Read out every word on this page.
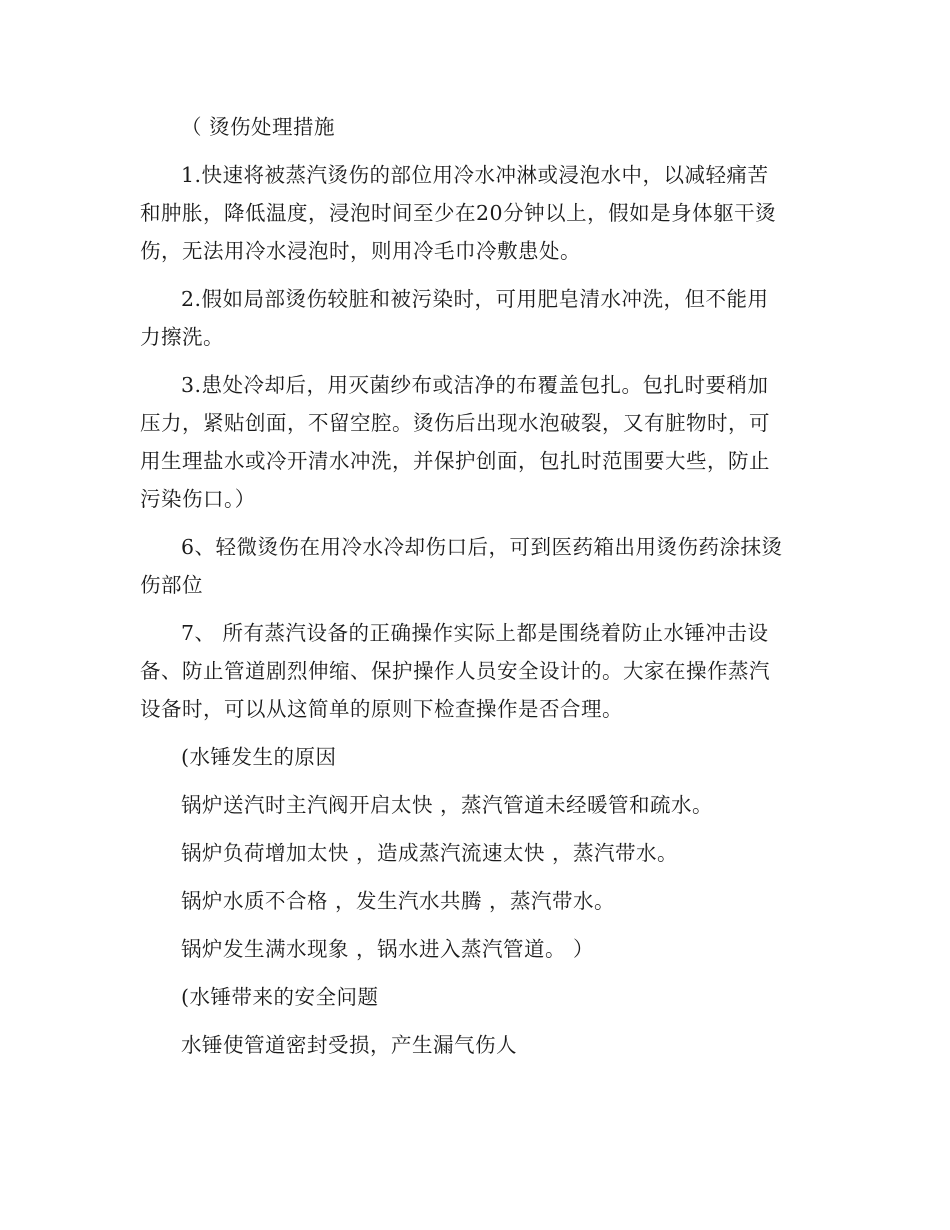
（ 烫伤处理措施
1.快速将被蒸汽烫伤的部位用冷水冲淋或浸泡水中，以减轻痛苦
和肿胀，降低温度，浸泡时间至少在20分钟以上，假如是身体躯干烫
伤，无法用冷水浸泡时，则用冷毛巾冷敷患处。
2.假如局部烫伤较脏和被污染时，可用肥皂清水冲洗，但不能用
力擦洗。
3.患处冷却后，用灭菌纱布或洁净的布覆盖包扎。包扎时要稍加
压力，紧贴创面，不留空腔。烫伤后出现水泡破裂，又有脏物时，可
用生理盐水或冷开清水冲洗，并保护创面，包扎时范围要大些，防止
污染伤口。）
6、轻微烫伤在用冷水冷却伤口后，可到医药箱出用烫伤药涂抹烫
伤部位
7、 所有蒸汽设备的正确操作实际上都是围绕着防止水锤冲击设
备、防止管道剧烈伸缩、保护操作人员安全设计的。大家在操作蒸汽
设备时，可以从这简单的原则下检查操作是否合理。
(水锤发生的原因
锅炉送汽时主汽阀开启太快 ，蒸汽管道未经暖管和疏水。
锅炉负荷增加太快 ，造成蒸汽流速太快 ，蒸汽带水。
锅炉水质不合格 ，发生汽水共腾 ，蒸汽带水。
锅炉发生满水现象 ，锅水进入蒸汽管道。 ）
(水锤带来的安全问题
水锤使管道密封受损，产生漏气伤人
